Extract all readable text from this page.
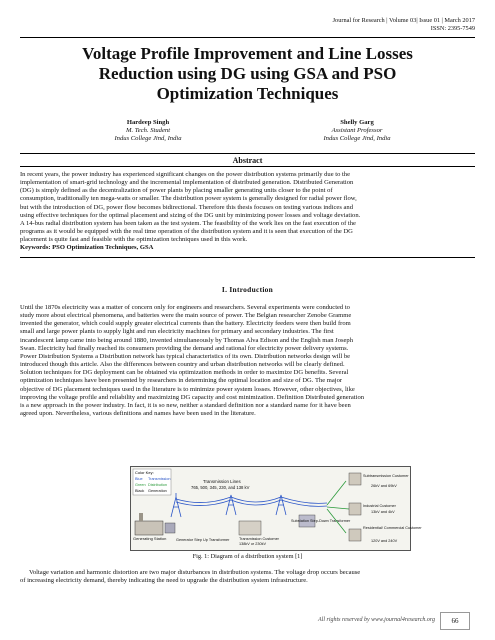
Journal for Research | Volume 03| Issue 01 | March 2017
ISSN: 2395-7549
Voltage Profile Improvement and Line Losses
Reduction using DG using GSA and PSO
Optimization Techniques
Hardeep Singh
M. Tech. Student
Indus College Jind, India
Shelly Garg
Assistant Professor
Indus College Jind, India
Abstract

In recent years, the power industry has experienced significant changes on the power distribution systems primarily due to the

implementation of smart-grid technology and the incremental implementation of distributed generation. Distributed Generation

(DG) is simply defined as the decentralization of power plants by placing smaller generating units closer to the point of

consumption, traditionally ten mega-watts or smaller. The distribution power system is generally designed for radial power flow,

but with the introduction of DG, power flow becomes bidirectional. Therefore this thesis focuses on testing various indices and

using effective techniques for the optimal placement and sizing of the DG unit by minimizing power losses and voltage deviation.

A 14-bus radial distribution system has been taken as the test system. The feasibility of the work lies on the fast execution of the

programs as it would be equipped with the real time operation of the distribution system and it is seen that execution of the DG

placement is quite fast and feasible with the optimization techniques used in this work.

Keywords: PSO Optimization Techniques, GSA

I. Introduction

Until the 1870s electricity was a matter of concern only for engineers and researchers. Several experiments were conducted to

study more about electrical phenomena, and batteries were the main source of power. The Belgian researcher Zenobe Gramme

invented the generator, which could supply greater electrical currents than the battery. Electricity feeders were then build from

small and large power plants to supply light and run electricity machines for primary and secondary industries. The first

incandescent lamp came into being around 1880, invented simultaneously by Thomas Alva Edison and the English man Joseph

Swan. Electricity had finally reached its consumers providing the demand and rational for electricity power delivery systems.

Power Distribution Systems a Distribution network has typical characteristics of its own. Distribution networks design will be

introduced though this article. Also the differences between country and urban distribution networks will be clearly defined.

Solution techniques for DG deployment can be obtained via optimization methods in order to maximize DG benefits. Several

optimization techniques have been presented by researchers in determining the optimal location and size of DG. The major

objective of DG placement techniques used in the literature is to minimize power system losses. However, other objectives, like

improving the voltage profile and reliability and maximizing DG capacity and cost minimization. Definition Distributed generation

is a new approach in the power industry. In fact, it is so new, neither a standard definition nor a standard name for it have been

agreed upon. Nevertheless, various definitions and names have been used in the literature.

Color Key:
Blue Transmission
Green Distribution
Black Generation
Transmission Lines
765, 500, 345, 230, and 138 kV
Generating Station	Generator Step Up Transformer	Transmission Customer
138kV or 230kV
Substation Step-Down Transformer
Subtransmission Customer
26kV and 69kV
Industrial Customer
13kV and 4kV
Residential/ Commercial Customer
120V and 240V
Fig. 1: Diagram of a distribution system [1]

Voltage variation and harmonic distortion are two major disturbances in distribution systems. The voltage drop occurs because

of increasing electricity demand, thereby indicating the need to upgrade the distribution system infrastructure.

All rights reserved by www.journal4research.org	66
